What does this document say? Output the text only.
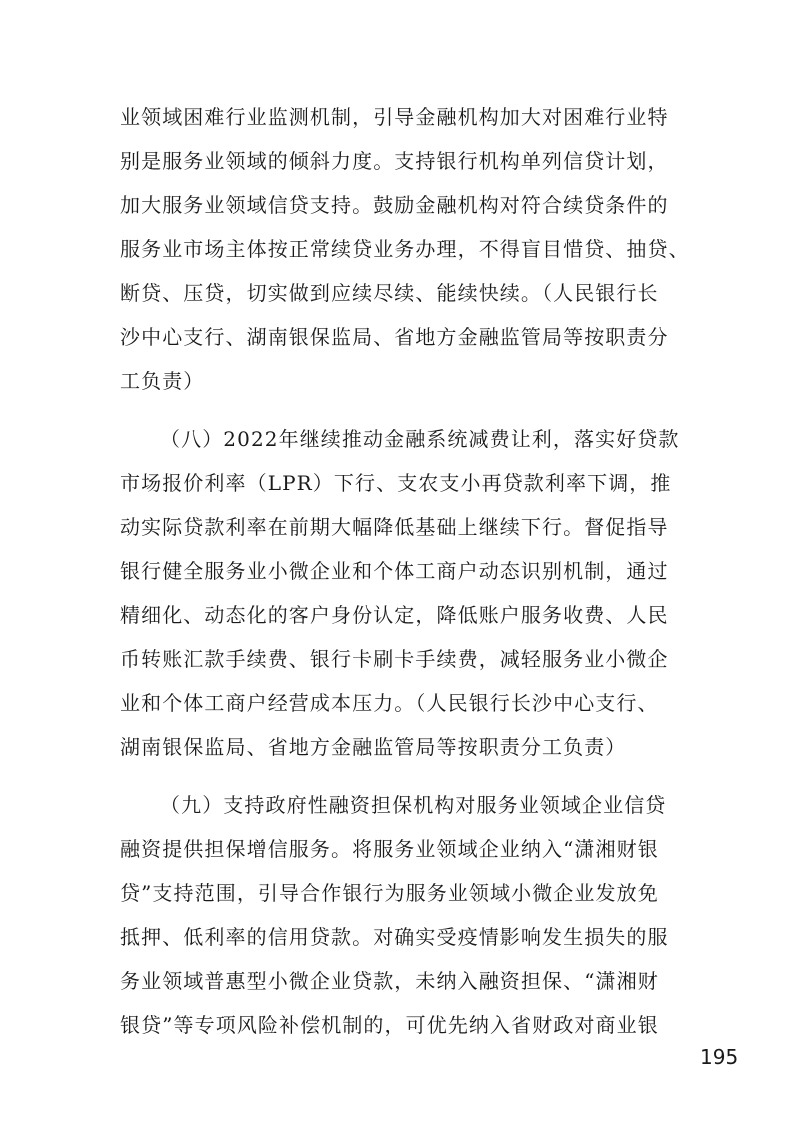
业领域困难行业监测机制，引导金融机构加大对困难行业特
别是服务业领域的倾斜力度。支持银行机构单列信贷计划，
加大服务业领域信贷支持。鼓励金融机构对符合续贷条件的
服务业市场主体按正常续贷业务办理，不得盲目惜贷、抽贷、
断贷、压贷，切实做到应续尽续、能续快续。（人民银行长
沙中心支行、湖南银保监局、省地方金融监管局等按职责分
工负责）
（八）2022年继续推动金融系统减费让利，落实好贷款
市场报价利率（LPR）下行、支农支小再贷款利率下调，推
动实际贷款利率在前期大幅降低基础上继续下行。督促指导
银行健全服务业小微企业和个体工商户动态识别机制，通过
精细化、动态化的客户身份认定，降低账户服务收费、人民
币转账汇款手续费、银行卡刷卡手续费，减轻服务业小微企
业和个体工商户经营成本压力。（人民银行长沙中心支行、
湖南银保监局、省地方金融监管局等按职责分工负责）
（九）支持政府性融资担保机构对服务业领域企业信贷
融资提供担保增信服务。将服务业领域企业纳入“潇湘财银
贷”支持范围，引导合作银行为服务业领域小微企业发放免
抵押、低利率的信用贷款。对确实受疫情影响发生损失的服
务业领域普惠型小微企业贷款，未纳入融资担保、“潇湘财
银贷”等专项风险补偿机制的，可优先纳入省财政对商业银
195
